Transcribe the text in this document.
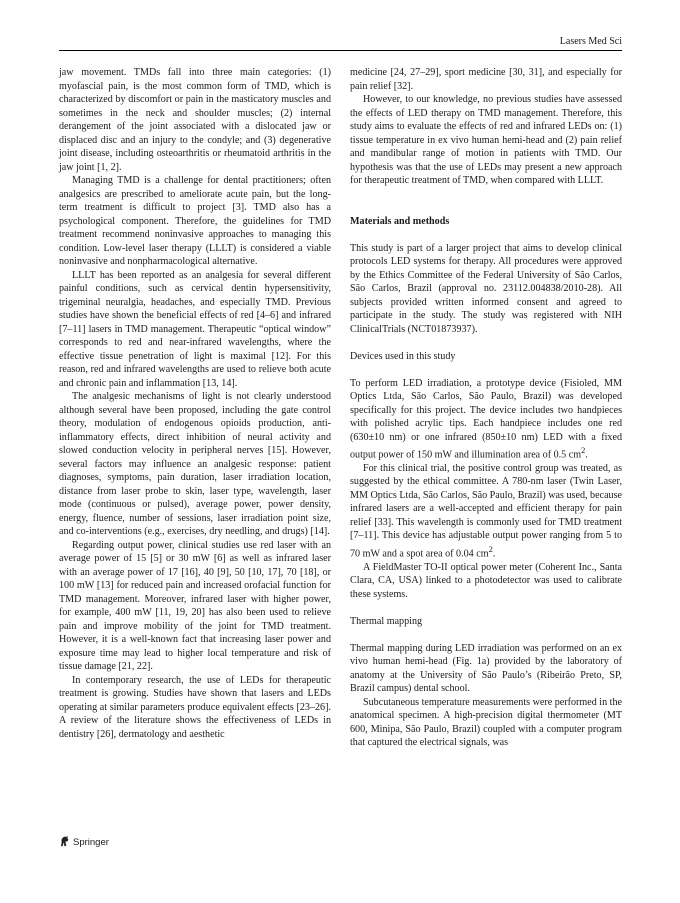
Lasers Med Sci

jaw movement. TMDs fall into three main categories: (1) myofascial pain, is the most common form of TMD, which is characterized by discomfort or pain in the masticatory muscles and sometimes in the neck and shoulder muscles; (2) internal derangement of the joint associated with a dislocated jaw or displaced disc and an injury to the condyle; and (3) degenerative joint disease, including osteoarthritis or rheumatoid arthritis in the jaw joint [1, 2].

Managing TMD is a challenge for dental practitioners; often analgesics are prescribed to ameliorate acute pain, but the long-term treatment is difficult to project [3]. TMD also has a psychological component. Therefore, the guidelines for TMD treatment recommend noninvasive approaches to managing this condition. Low-level laser therapy (LLLT) is considered a viable noninvasive and nonpharmacological alternative.

LLLT has been reported as an analgesia for several different painful conditions, such as cervical dentin hypersensitivity, trigeminal neuralgia, headaches, and especially TMD. Previous studies have shown the beneficial effects of red [4–6] and infrared [7–11] lasers in TMD management. Therapeutic “optical window” corresponds to red and near-infrared wavelengths, where the effective tissue penetration of light is maximal [12]. For this reason, red and infrared wavelengths are used to relieve both acute and chronic pain and inflammation [13, 14].

The analgesic mechanisms of light is not clearly understood although several have been proposed, including the gate control theory, modulation of endogenous opioids production, anti-inflammatory effects, direct inhibition of neural activity and slowed conduction velocity in peripheral nerves [15]. However, several factors may influence an analgesic response: patient diagnoses, symptoms, pain duration, laser irradiation location, distance from laser probe to skin, laser type, wavelength, laser mode (continuous or pulsed), average power, power density, energy, fluence, number of sessions, laser irradiation point size, and co-interventions (e.g., exercises, dry needling, and drugs) [14].

Regarding output power, clinical studies use red laser with an average power of 15 [5] or 30 mW [6] as well as infrared laser with an average power of 17 [16], 40 [9], 50 [10, 17], 70 [18], or 100 mW [13] for reduced pain and increased orofacial function for TMD management. Moreover, infrared laser with higher power, for example, 400 mW [11, 19, 20] has also been used to relieve pain and improve mobility of the joint for TMD treatment. However, it is a well-known fact that increasing laser power and exposure time may lead to higher local temperature and risk of tissue damage [21, 22].

In contemporary research, the use of LEDs for therapeutic treatment is growing. Studies have shown that lasers and LEDs operating at similar parameters produce equivalent effects [23–26]. A review of the literature shows the effectiveness of LEDs in dentistry [26], dermatology and aesthetic

medicine [24, 27–29], sport medicine [30, 31], and especially for pain relief [32].

However, to our knowledge, no previous studies have assessed the effects of LED therapy on TMD management. Therefore, this study aims to evaluate the effects of red and infrared LEDs on: (1) tissue temperature in ex vivo human hemi-head and (2) pain relief and mandibular range of motion in patients with TMD. Our hypothesis was that the use of LEDs may present a new approach for therapeutic treatment of TMD, when compared with LLLT.

Materials and methods

This study is part of a larger project that aims to develop clinical protocols LED systems for therapy. All procedures were approved by the Ethics Committee of the Federal University of São Carlos, São Carlos, Brazil (approval no. 23112.004838/2010-28). All subjects provided written informed consent and agreed to participate in the study. The study was registered with NIH ClinicalTrials (NCT01873937).

Devices used in this study

To perform LED irradiation, a prototype device (Fisioled, MM Optics Ltda, São Carlos, São Paulo, Brazil) was developed specifically for this project. The device includes two handpieces with polished acrylic tips. Each handpiece includes one red (630±10 nm) or one infrared (850±10 nm) LED with a fixed output power of 150 mW and illumination area of 0.5 $cm^2$.

For this clinical trial, the positive control group was treated, as suggested by the ethical committee. A 780-nm laser (Twin Laser, MM Optics Ltda, São Carlos, São Paulo, Brazil) was used, because infrared lasers are a well-accepted and efficient therapy for pain relief [33]. This wavelength is commonly used for TMD treatment [7–11]. This device has adjustable output power ranging from 5 to 70 mW and a spot area of 0.04 $cm^2$.

A FieldMaster TO-II optical power meter (Coherent Inc., Santa Clara, CA, USA) linked to a photodetector was used to calibrate these systems.

Thermal mapping

Thermal mapping during LED irradiation was performed on an ex vivo human hemi-head (Fig. 1a) provided by the laboratory of anatomy at the University of São Paulo’s (Ribeirão Preto, SP, Brazil campus) dental school.

Subcutaneous temperature measurements were performed in the anatomical specimen. A high-precision digital thermometer (MT 600, Minipa, São Paulo, Brazil) coupled with a computer program that captured the electrical signals, was

Springer
